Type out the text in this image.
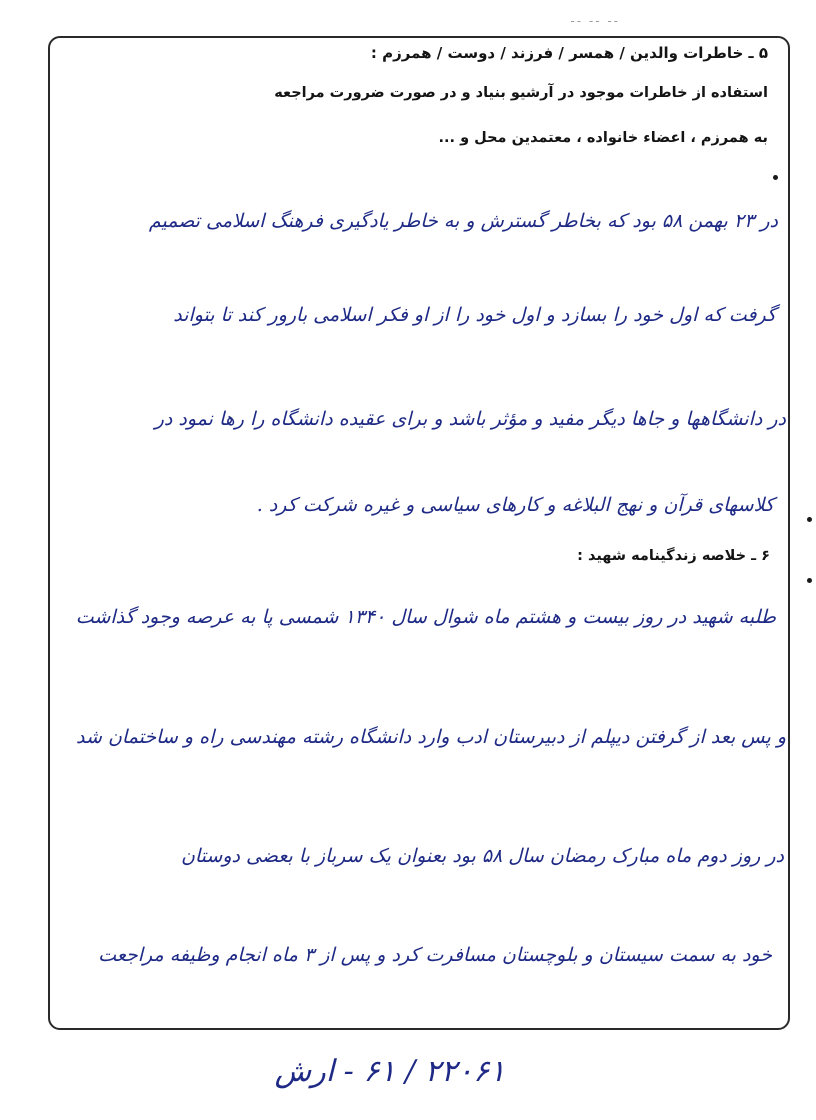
-- -- --
۵ ـ خاطرات والدین / همسر / فرزند / دوست / همرزم :
استفاده از خاطرات موجود در آرشیو بنیاد و در صورت ضرورت مراجعه
به همرزم ، اعضاء خانواده ، معتمدین محل و ...
در ۲۳ بهمن ۵۸ بود که بخاطر گسترش و به خاطر یادگیری فرهنگ اسلامی تصمیم
گرفت که اول خود را بسازد و اول خود را از او فکر اسلامی بارور کند تا بتواند
در دانشگاهها و جاها دیگر مفید و مؤثر باشد و برای عقیده دانشگاه را رها نمود در
کلاسهای قرآن و نهج البلاغه و کارهای سیاسی و غیره شرکت کرد .
۶ ـ خلاصه زندگینامه شهید :
طلبه شهید در روز بیست و هشتم ماه شوال سال ۱۳۴۰ شمسی پا به عرصه وجود گذاشت
و پس بعد از گرفتن دیپلم از دبیرستان ادب وارد دانشگاه رشته مهندسی راه و ساختمان شد
در روز دوم ماه مبارک رمضان سال ۵۸ بود بعنوان یک سرباز با بعضی دوستان
خود به سمت سیستان و بلوچستان مسافرت کرد و پس از ۳ ماه انجام وظیفه مراجعت
۲۲۰۶۱ / ۶۱ - ارش
